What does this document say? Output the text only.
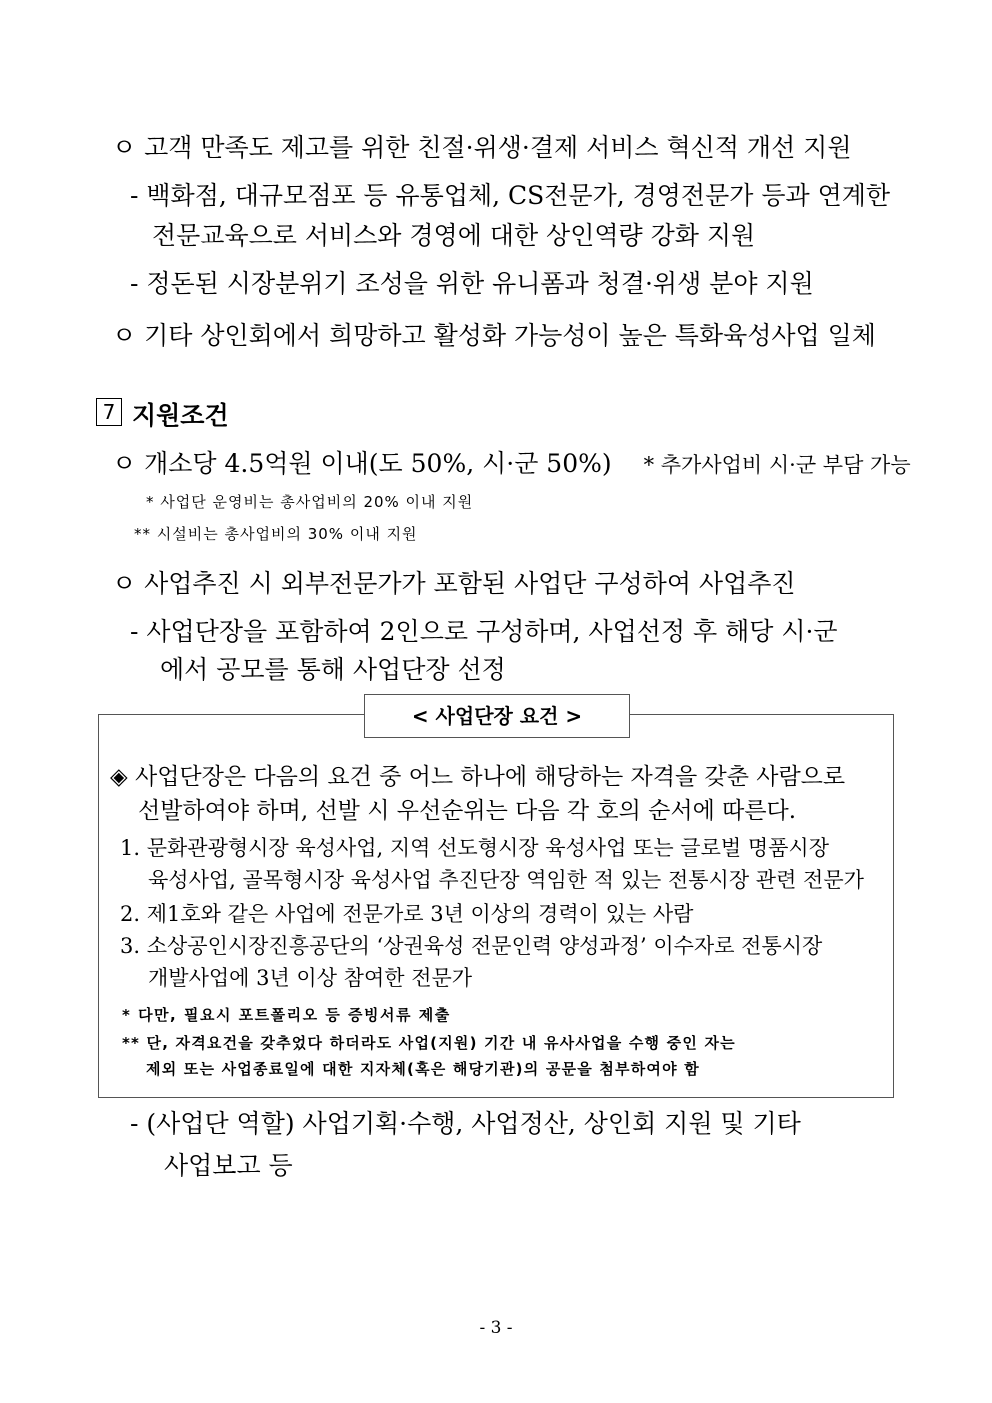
ㅇ 고객 만족도 제고를 위한 친절·위생·결제 서비스 혁신적 개선 지원
- 백화점, 대규모점포 등 유통업체, CS전문가, 경영전문가 등과 연계한
전문교육으로 서비스와 경영에 대한 상인역량 강화 지원
- 정돈된 시장분위기 조성을 위한 유니폼과 청결·위생 분야 지원
ㅇ 기타 상인회에서 희망하고 활성화 가능성이 높은 특화육성사업 일체
7 지원조건
ㅇ 개소당 4.5억원 이내(도 50%, 시·군 50%) * 추가사업비 시·군 부담 가능
* 사업단 운영비는 총사업비의 20% 이내 지원
** 시설비는 총사업비의 30% 이내 지원
ㅇ 사업추진 시 외부전문가가 포함된 사업단 구성하여 사업추진
- 사업단장을 포함하여 2인으로 구성하며, 사업선정 후 해당 시·군
에서 공모를 통해 사업단장 선정
< 사업단장 요건 >
◈ 사업단장은 다음의 요건 중 어느 하나에 해당하는 자격을 갖춘 사람으로
선발하여야 하며, 선발 시 우선순위는 다음 각 호의 순서에 따른다.
1. 문화관광형시장 육성사업, 지역 선도형시장 육성사업 또는 글로벌 명품시장
육성사업, 골목형시장 육성사업 추진단장 역임한 적 있는 전통시장 관련 전문가
2. 제1호와 같은 사업에 전문가로 3년 이상의 경력이 있는 사람
3. 소상공인시장진흥공단의 ‘상권육성 전문인력 양성과정’ 이수자로 전통시장
개발사업에 3년 이상 참여한 전문가
* 다만, 필요시 포트폴리오 등 증빙서류 제출
** 단, 자격요건을 갖추었다 하더라도 사업(지원) 기간 내 유사사업을 수행 중인 자는
제외 또는 사업종료일에 대한 지자체(혹은 해당기관)의 공문을 첨부하여야 함
- (사업단 역할) 사업기획·수행, 사업정산, 상인회 지원 및 기타
사업보고 등
- 3 -
